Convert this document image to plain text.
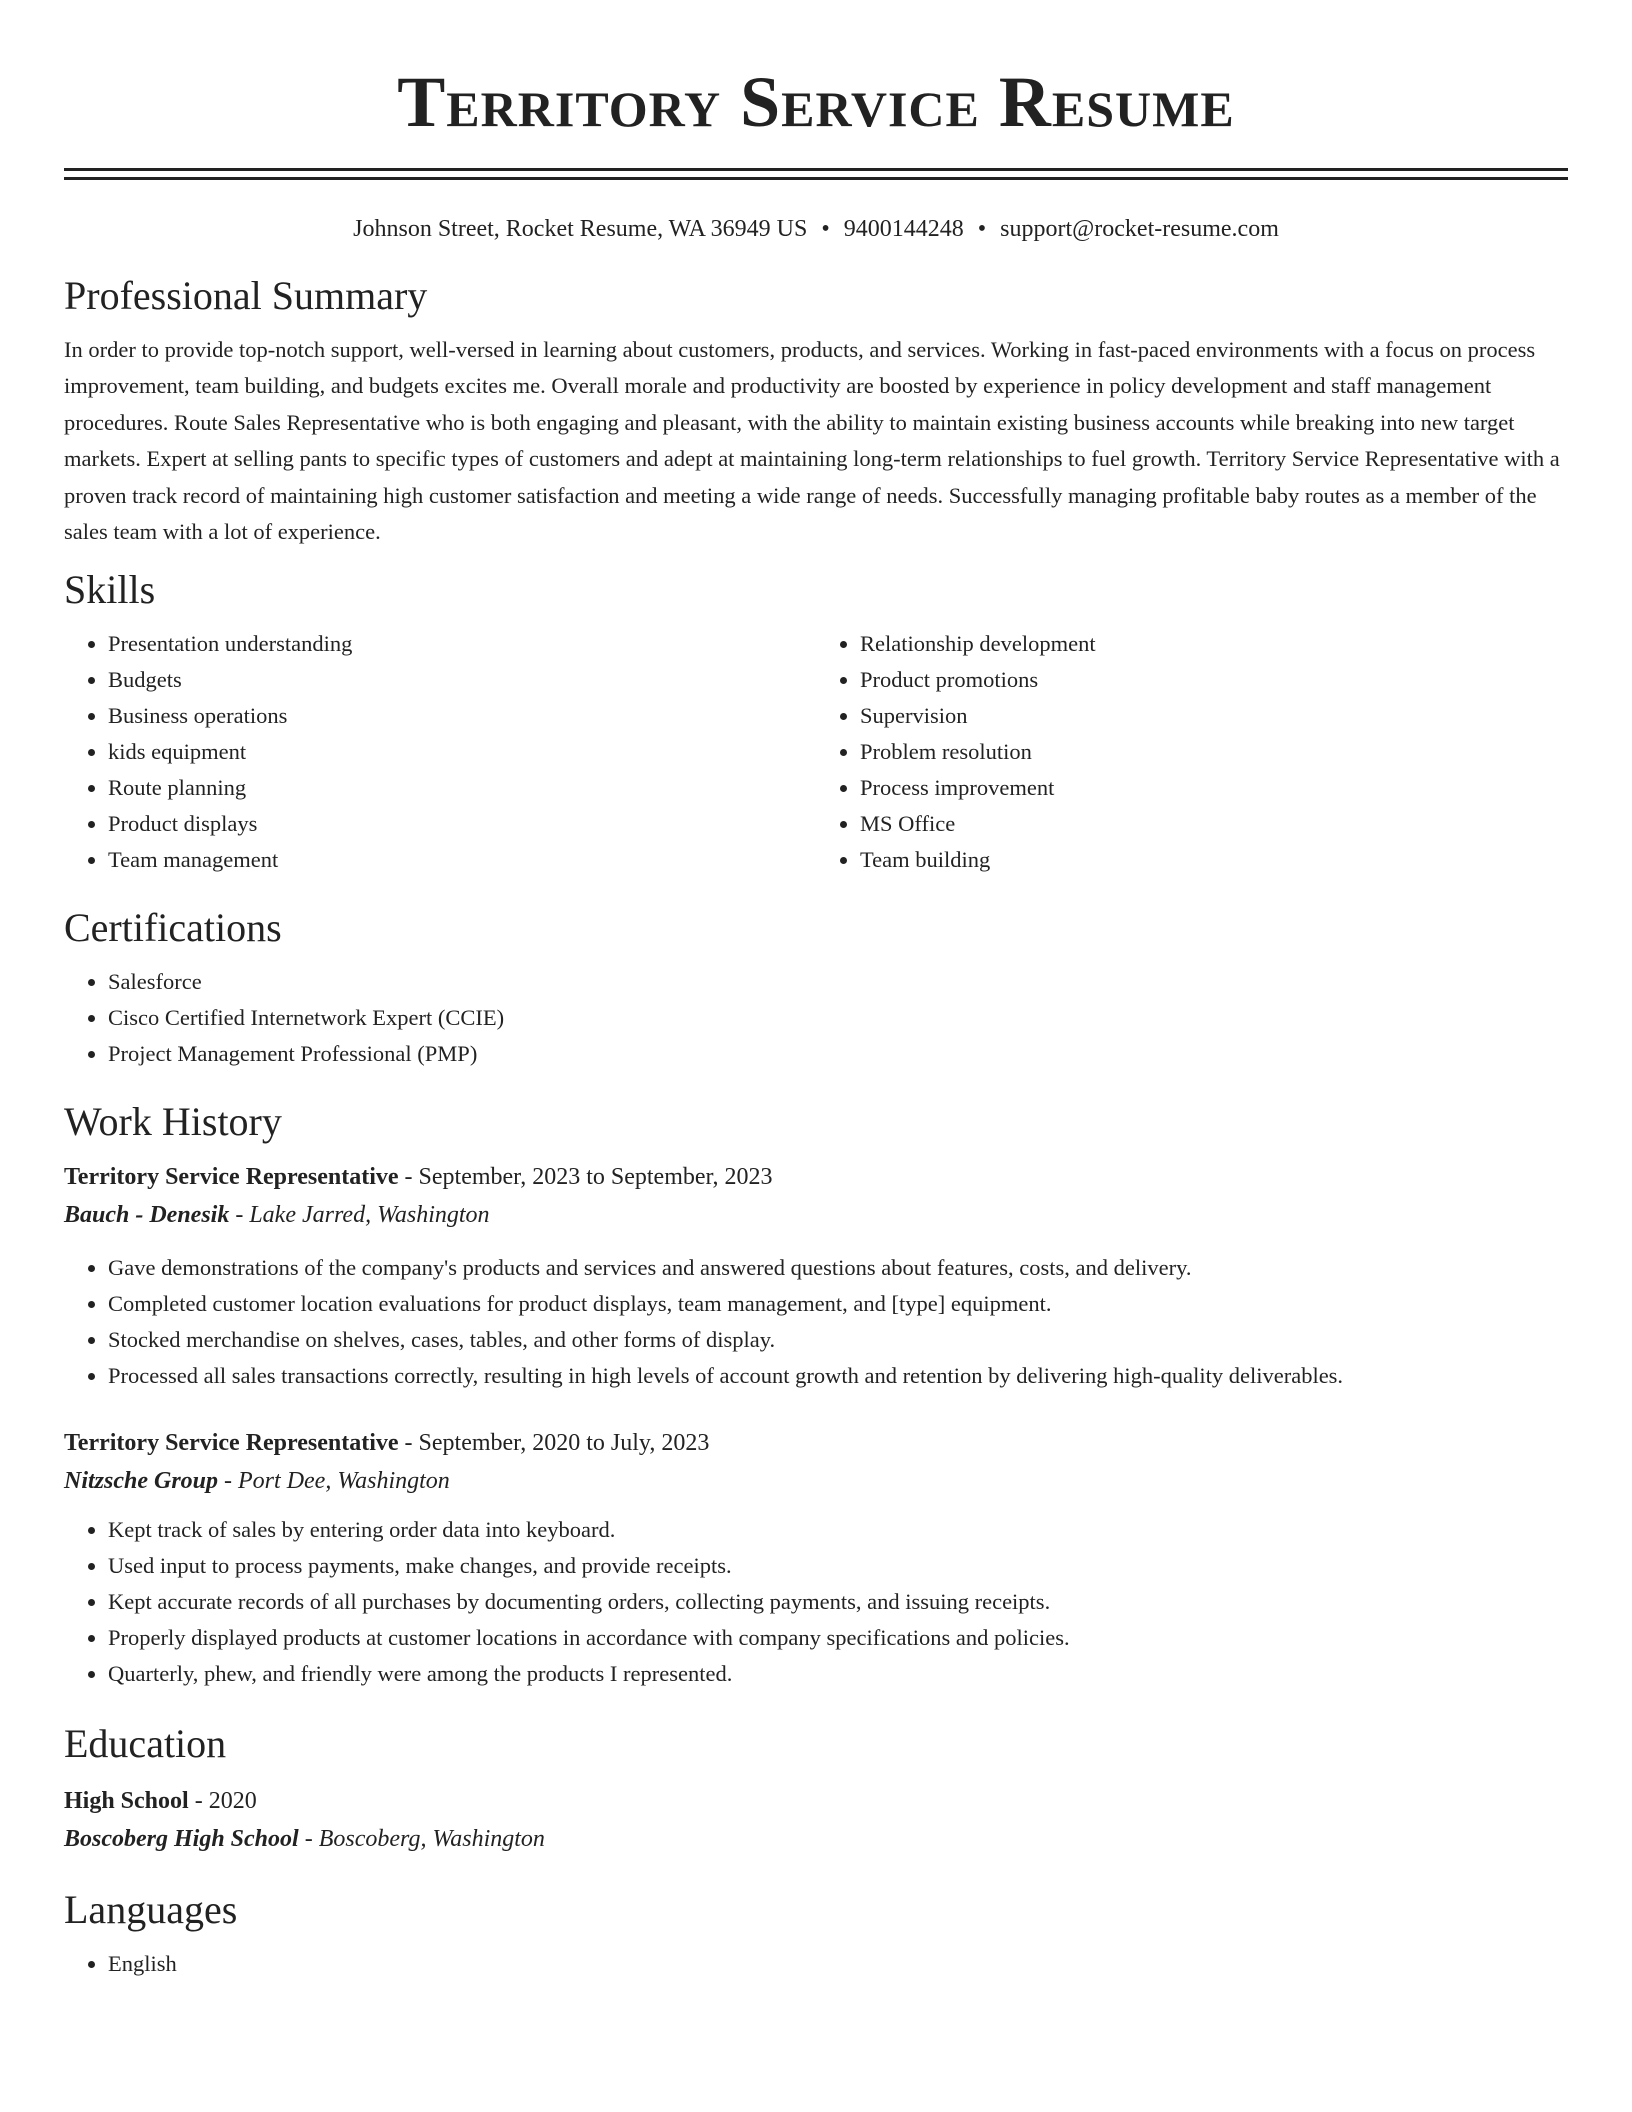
Territory Service Resume
Johnson Street, Rocket Resume, WA 36949 US • 9400144248 • support@rocket-resume.com
Professional Summary

In order to provide top-notch support, well-versed in learning about customers, products, and services. Working in fast-paced environments with a focus on process improvement, team building, and budgets excites me. Overall morale and productivity are boosted by experience in policy development and staff management procedures. Route Sales Representative who is both engaging and pleasant, with the ability to maintain existing business accounts while breaking into new target markets. Expert at selling pants to specific types of customers and adept at maintaining long-term relationships to fuel growth. Territory Service Representative with a proven track record of maintaining high customer satisfaction and meeting a wide range of needs. Successfully managing profitable baby routes as a member of the sales team with a lot of experience.

Skills
• Presentation understanding
• Budgets
• Business operations
• kids equipment
• Route planning
• Product displays
• Team management
• Relationship development
• Product promotions
• Supervision
• Problem resolution
• Process improvement
• MS Office
• Team building
Certifications
• Salesforce
• Cisco Certified Internetwork Expert (CCIE)
• Project Management Professional (PMP)
Work History
Territory Service Representative - September, 2023 to September, 2023
Bauch - Denesik - Lake Jarred, Washington
• Gave demonstrations of the company's products and services and answered questions about features, costs, and delivery.
• Completed customer location evaluations for product displays, team management, and [type] equipment.
• Stocked merchandise on shelves, cases, tables, and other forms of display.
• Processed all sales transactions correctly, resulting in high levels of account growth and retention by delivering high-quality deliverables.
Territory Service Representative - September, 2020 to July, 2023
Nitzsche Group - Port Dee, Washington
• Kept track of sales by entering order data into keyboard.
• Used input to process payments, make changes, and provide receipts.
• Kept accurate records of all purchases by documenting orders, collecting payments, and issuing receipts.
• Properly displayed products at customer locations in accordance with company specifications and policies.
• Quarterly, phew, and friendly were among the products I represented.
Education
High School - 2020
Boscoberg High School - Boscoberg, Washington
Languages
• English
